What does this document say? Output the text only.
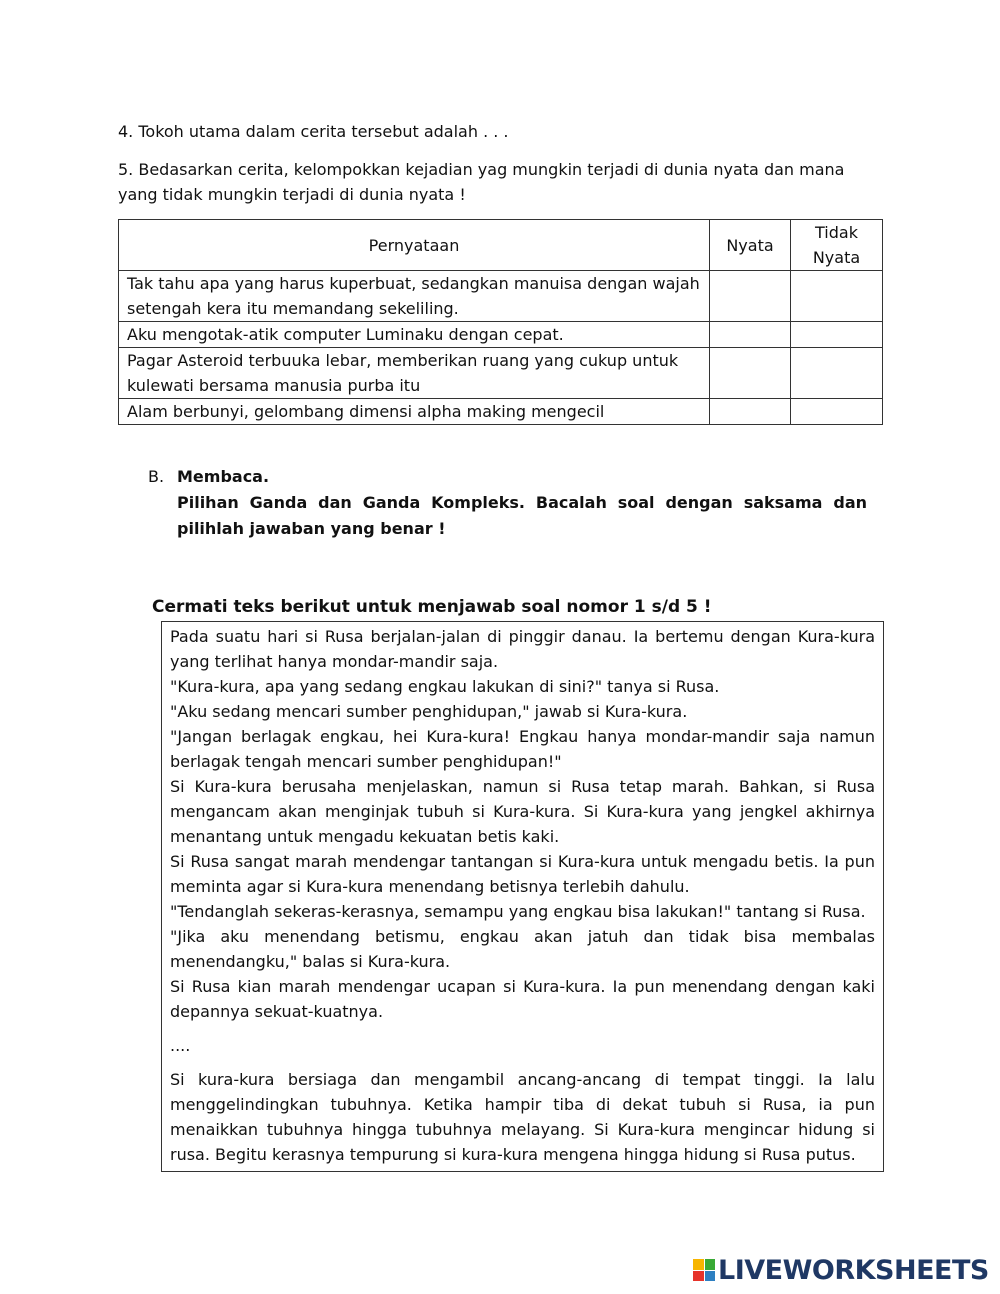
4. Tokoh utama dalam cerita tersebut adalah . . .
5. Bedasarkan cerita, kelompokkan kejadian yag mungkin terjadi di dunia nyata dan mana yang tidak mungkin terjadi di dunia nyata !
Pernyataan	Nyata	Tidak Nyata
Tak tahu apa yang harus kuperbuat, sedangkan manuisa dengan wajah setengah kera itu memandang sekeliling.		
Aku mengotak-atik computer Luminaku dengan cepat.		
Pagar Asteroid terbuuka lebar, memberikan ruang yang cukup untuk kulewati bersama manusia purba itu		
Alam berbunyi, gelombang dimensi alpha making mengecil		
B. Membaca.
Pilihan Ganda dan Ganda Kompleks. Bacalah soal dengan saksama dan pilihlah jawaban yang benar !
Cermati teks berikut untuk menjawab soal nomor 1 s/d 5 !

Pada suatu hari si Rusa berjalan-jalan di pinggir danau. Ia bertemu dengan Kura-kura yang terlihat hanya mondar-mandir saja.

"Kura-kura, apa yang sedang engkau lakukan di sini?" tanya si Rusa.

"Aku sedang mencari sumber penghidupan," jawab si Kura-kura.

"Jangan berlagak engkau, hei Kura-kura! Engkau hanya mondar-mandir saja namun berlagak tengah mencari sumber penghidupan!"

Si Kura-kura berusaha menjelaskan, namun si Rusa tetap marah. Bahkan, si Rusa mengancam akan menginjak tubuh si Kura-kura. Si Kura-kura yang jengkel akhirnya menantang untuk mengadu kekuatan betis kaki.

Si Rusa sangat marah mendengar tantangan si Kura-kura untuk mengadu betis. Ia pun meminta agar si Kura-kura menendang betisnya terlebih dahulu.

"Tendanglah sekeras-kerasnya, semampu yang engkau bisa lakukan!" tantang si Rusa.

"Jika aku menendang betismu, engkau akan jatuh dan tidak bisa membalas menendangku," balas si Kura-kura.

Si Rusa kian marah mendengar ucapan si Kura-kura. Ia pun menendang dengan kaki depannya sekuat-kuatnya.

....

Si kura-kura bersiaga dan mengambil ancang-ancang di tempat tinggi. Ia lalu menggelindingkan tubuhnya. Ketika hampir tiba di dekat tubuh si Rusa, ia pun menaikkan tubuhnya hingga tubuhnya melayang. Si Kura-kura mengincar hidung si rusa. Begitu kerasnya tempurung si kura-kura mengena hingga hidung si Rusa putus.

LIVEWORKSHEETS
